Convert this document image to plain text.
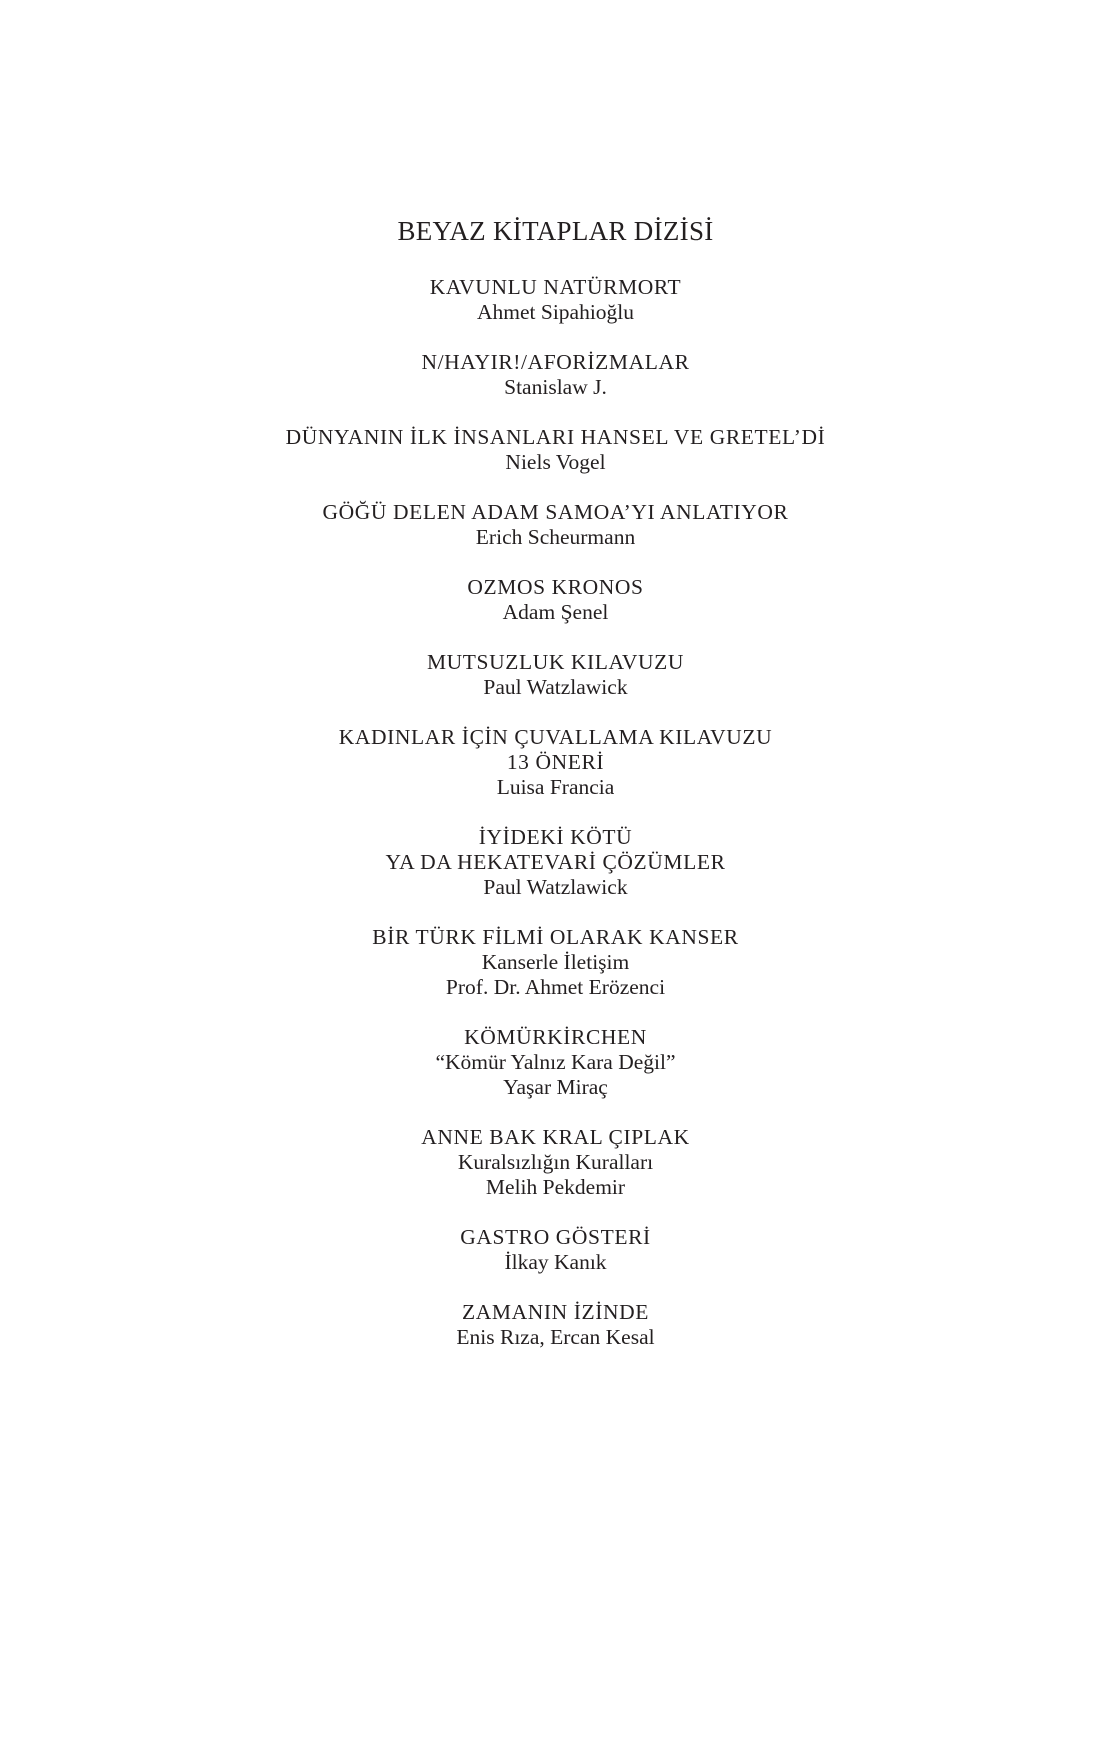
BEYAZ KİTAPLAR DİZİSİ
KAVUNLU NATÜRMORT
Ahmet Sipahioğlu
N/HAYIR!/AFORİZMALAR
Stanislaw J.
DÜNYANIN İLK İNSANLARI HANSEL VE GRETEL’Dİ
Niels Vogel
GÖĞÜ DELEN ADAM SAMOA’YI ANLATIYOR
Erich Scheurmann
OZMOS KRONOS
Adam Şenel
MUTSUZLUK KILAVUZU
Paul Watzlawick
KADINLAR İÇİN ÇUVALLAMA KILAVUZU
13 ÖNERİ
Luisa Francia
İYİDEKİ KÖTÜ
YA DA HEKATEVARİ ÇÖZÜMLER
Paul Watzlawick
BİR TÜRK FİLMİ OLARAK KANSER
Kanserle İletişim
Prof. Dr. Ahmet Erözenci
KÖMÜRKİRCHEN
“Kömür Yalnız Kara Değil”
Yaşar Miraç
ANNE BAK KRAL ÇIPLAK
Kuralsızlığın Kuralları
Melih Pekdemir
GASTRO GÖSTERİ
İlkay Kanık
ZAMANIN İZİNDE
Enis Rıza, Ercan Kesal
